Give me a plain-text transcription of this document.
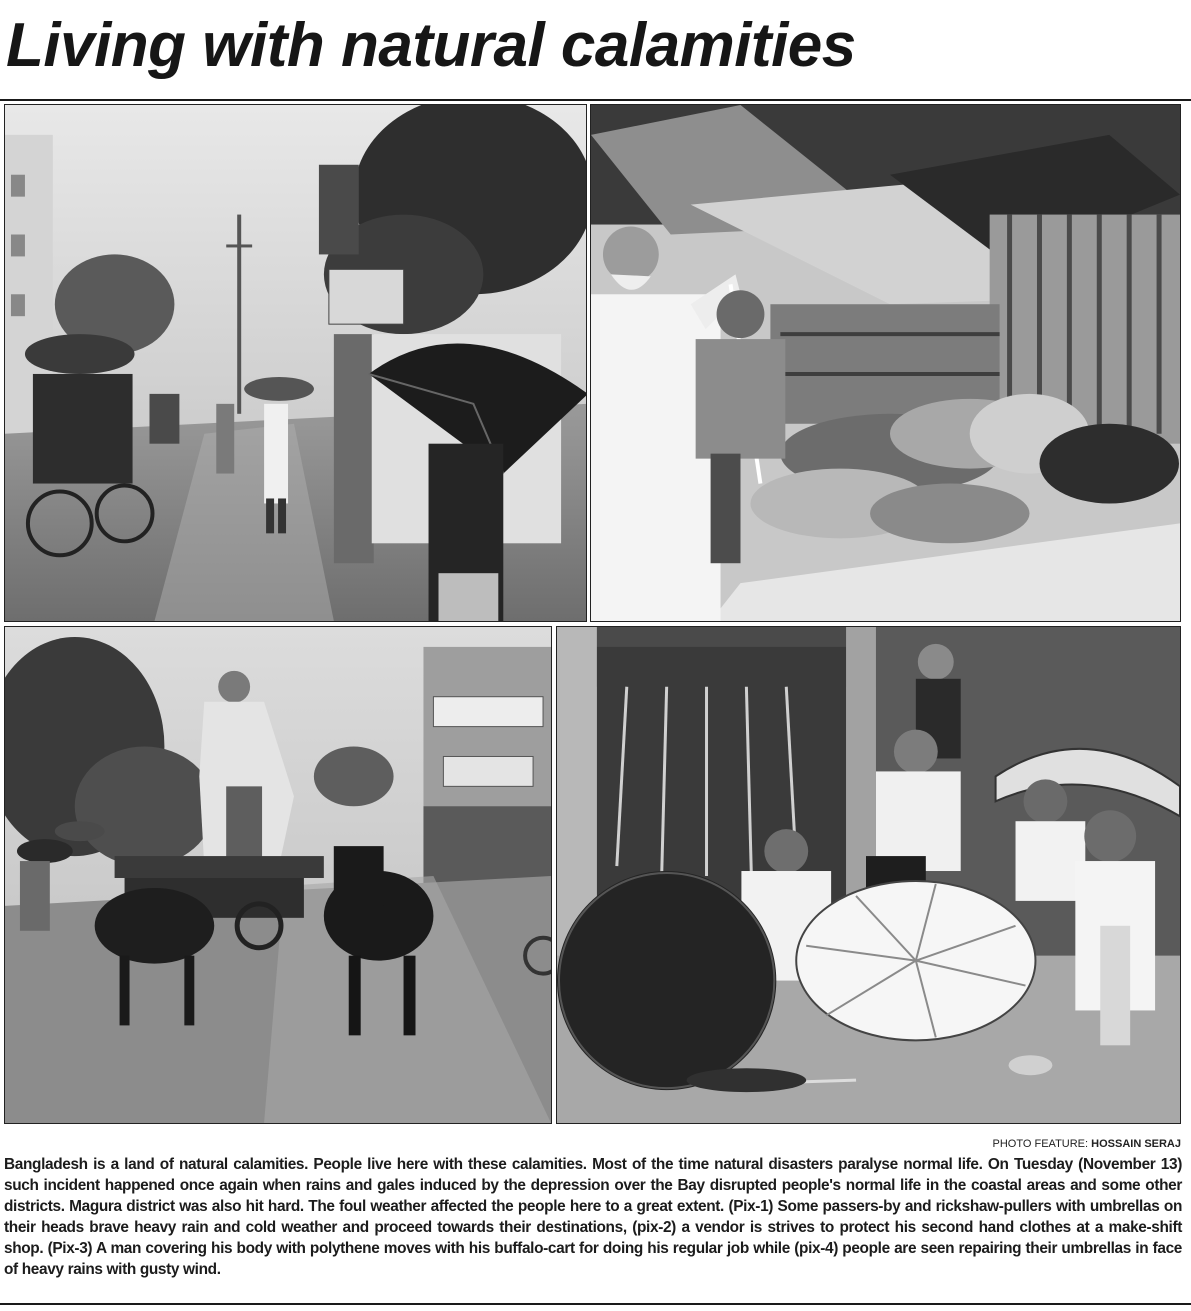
Living with natural calamities
PHOTO FEATURE: HOSSAIN SERAJ

Bangladesh is a land of natural calamities. People live here with these calamities. Most of the time natural disasters paralyse normal life. On Tuesday (November 13) such incident happened once again when rains and gales induced by the depression over the Bay disrupted people's normal life in the coastal areas and some other districts. Magura district was also hit hard. The foul weather affected the people here to a great extent. (Pix-1) Some passers-by and rickshaw-pullers with umbrellas on their heads brave heavy rain and cold weather and proceed towards their destinations, (pix-2) a vendor is strives to protect his second hand clothes at a make-shift shop. (Pix-3) A man covering his body with polythene moves with his buffalo-cart for doing his regular job while (pix-4) people are seen repairing their umbrellas in face of heavy rains with gusty wind.
